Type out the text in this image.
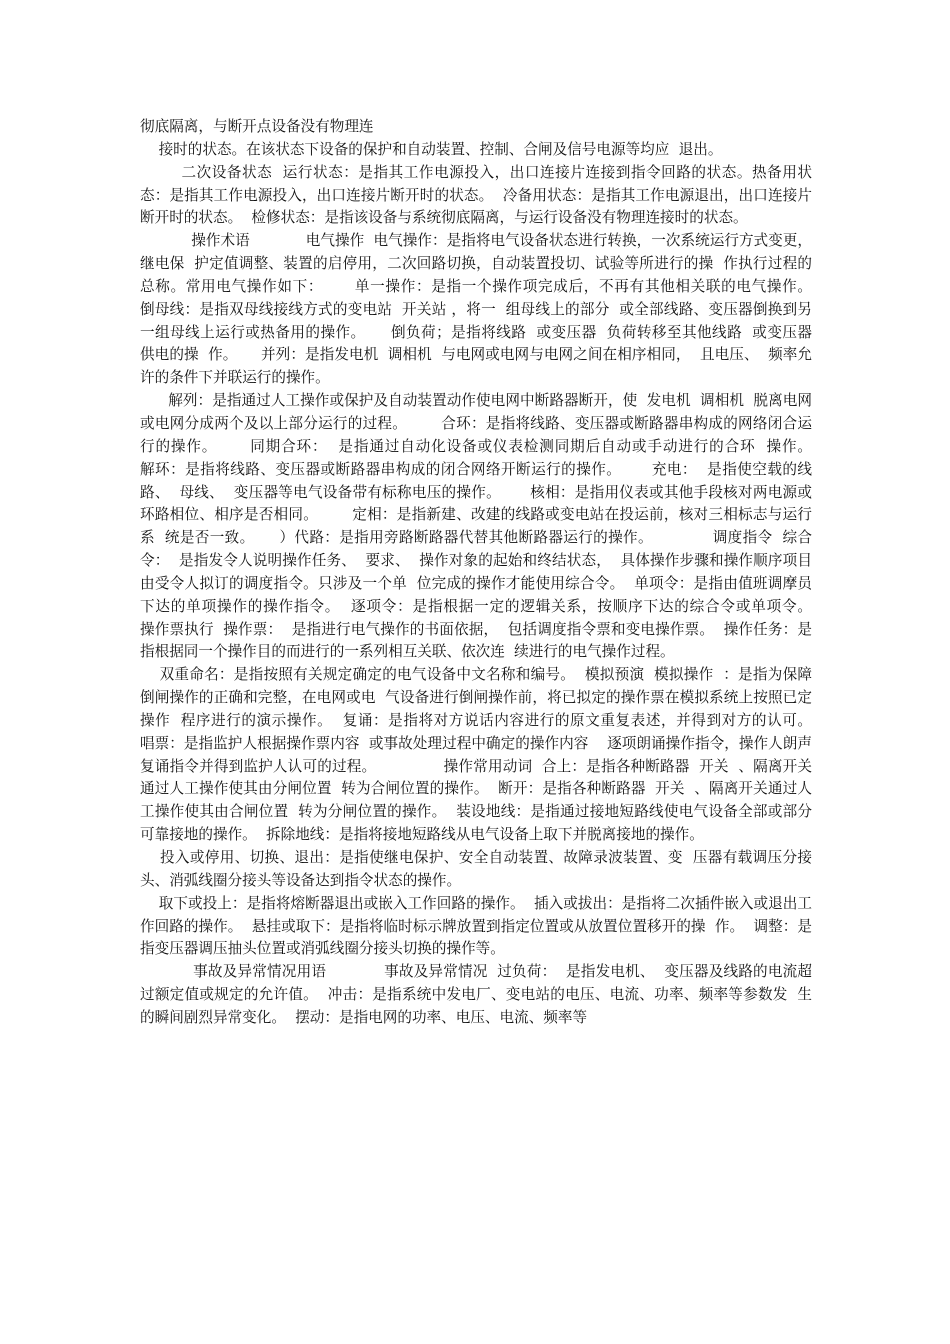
彻底隔离，与断开点设备没有物理连

接时的状态。在该状态下设备的保护和自动装置、控制、合闸及信号电源等均应  退出。

二次设备状态  运行状态：是指其工作电源投入，出口连接片连接到指令回路的状态。热备用状态：是指其工作电源投入，出口连接片断开时的状态。  冷备用状态：是指其工作电源退出，出口连接片断开时的状态。  检修状态：是指该设备与系统彻底隔离，与运行设备没有物理连接时的状态。

操作术语            电气操作  电气操作：是指将电气设备状态进行转换，一次系统运行方式变更，继电保  护定值调整、装置的启停用，二次回路切换，自动装置投切、试验等所进行的操  作执行过程的总称。常用电气操作如下：      单一操作：是指一个操作项完成后，不再有其他相关联的电气操作。     倒母线：是指双母线接线方式的变电站  开关站 ，将一  组母线上的部分  或全部线路、变压器倒换到另一组母线上运行或热备用的操作。     倒负荷；是指将线路  或变压器  负荷转移至其他线路  或变压器  供电的操  作。     并列：是指发电机  调相机  与电网或电网与电网之间在相序相同，  且电压、  频率允许的条件下并联运行的操作。

解列：是指通过人工操作或保护及自动装置动作使电网中断路器断开，使  发电机  调相机  脱离电网或电网分成两个及以上部分运行的过程。       合环：是指将线路、变压器或断路器串构成的网络闭合运行的操作。      同期合环：  是指通过自动化设备或仪表检测同期后自动或手动进行的合环  操作。      解环：是指将线路、变压器或断路器串构成的闭合网络开断运行的操作。      充电：  是指使空载的线路、  母线、  变压器等电气设备带有标称电压的操作。      核相：是指用仪表或其他手段核对两电源或环路相位、相序是否相同。       定相：是指新建、改建的线路或变电站在投运前，核对三相标志与运行系  统是否一致。     ）代路：是指用旁路断路器代替其他断路器运行的操作。            调度指令  综合令：  是指发令人说明操作任务、  要求、  操作对象的起始和终结状态，  具体操作步骤和操作顺序项目由受令人拟订的调度指令。只涉及一个单  位完成的操作才能使用综合令。  单项令：是指由值班调摩员下达的单项操作的操作指令。  逐项令：是指根据一定的逻辑关系，按顺序下达的综合令或单项令。            操作票执行  操作票：  是指进行电气操作的书面依据，  包括调度指令票和变电操作票。  操作任务：是指根据同一个操作目的而进行的一系列相互关联、依次连  续进行的电气操作过程。

双重命名：是指按照有关规定确定的电气设备中文名称和编号。  模拟预演  模拟操作  ：是指为保障倒闸操作的正确和完整，在电网或电  气设备进行倒闸操作前，将已拟定的操作票在模拟系统上按照已定操作  程序进行的演示操作。  复诵：是指将对方说话内容进行的原文重复表述，并得到对方的认可。   唱票：是指监护人根据操作票内容  或事故处理过程中确定的操作内容    逐项朗诵操作指令，操作人朗声复诵指令并得到监护人认可的过程。              操作常用动词  合上：是指各种断路器  开关  、隔离开关通过人工操作使其由分闸位置  转为合闸位置的操作。  断开：是指各种断路器  开关  、隔离开关通过人工操作使其由合闸位置  转为分闸位置的操作。  装设地线：是指通过接地短路线使电气设备全部或部分可靠接地的操作。  拆除地线：是指将接地短路线从电气设备上取下并脱离接地的操作。

投入或停用、切换、退出：是指使继电保护、安全自动装置、故障录波装置、变  压器有载调压分接头、消弧线圈分接头等设备达到指令状态的操作。

取下或投上：是指将熔断器退出或嵌入工作回路的操作。  插入或拔出：是指将二次插件嵌入或退出工作回路的操作。  悬挂或取下：是指将临时标示牌放置到指定位置或从放置位置移开的操  作。  调整：是指变压器调压抽头位置或消弧线圈分接头切换的操作等。

事故及异常情况用语            事故及异常情况  过负荷：  是指发电机、  变压器及线路的电流超过额定值或规定的允许值。  冲击：是指系统中发电厂、变电站的电压、电流、功率、频率等参数发  生的瞬间剧烈异常变化。  摆动：是指电网的功率、电压、电流、频率等
